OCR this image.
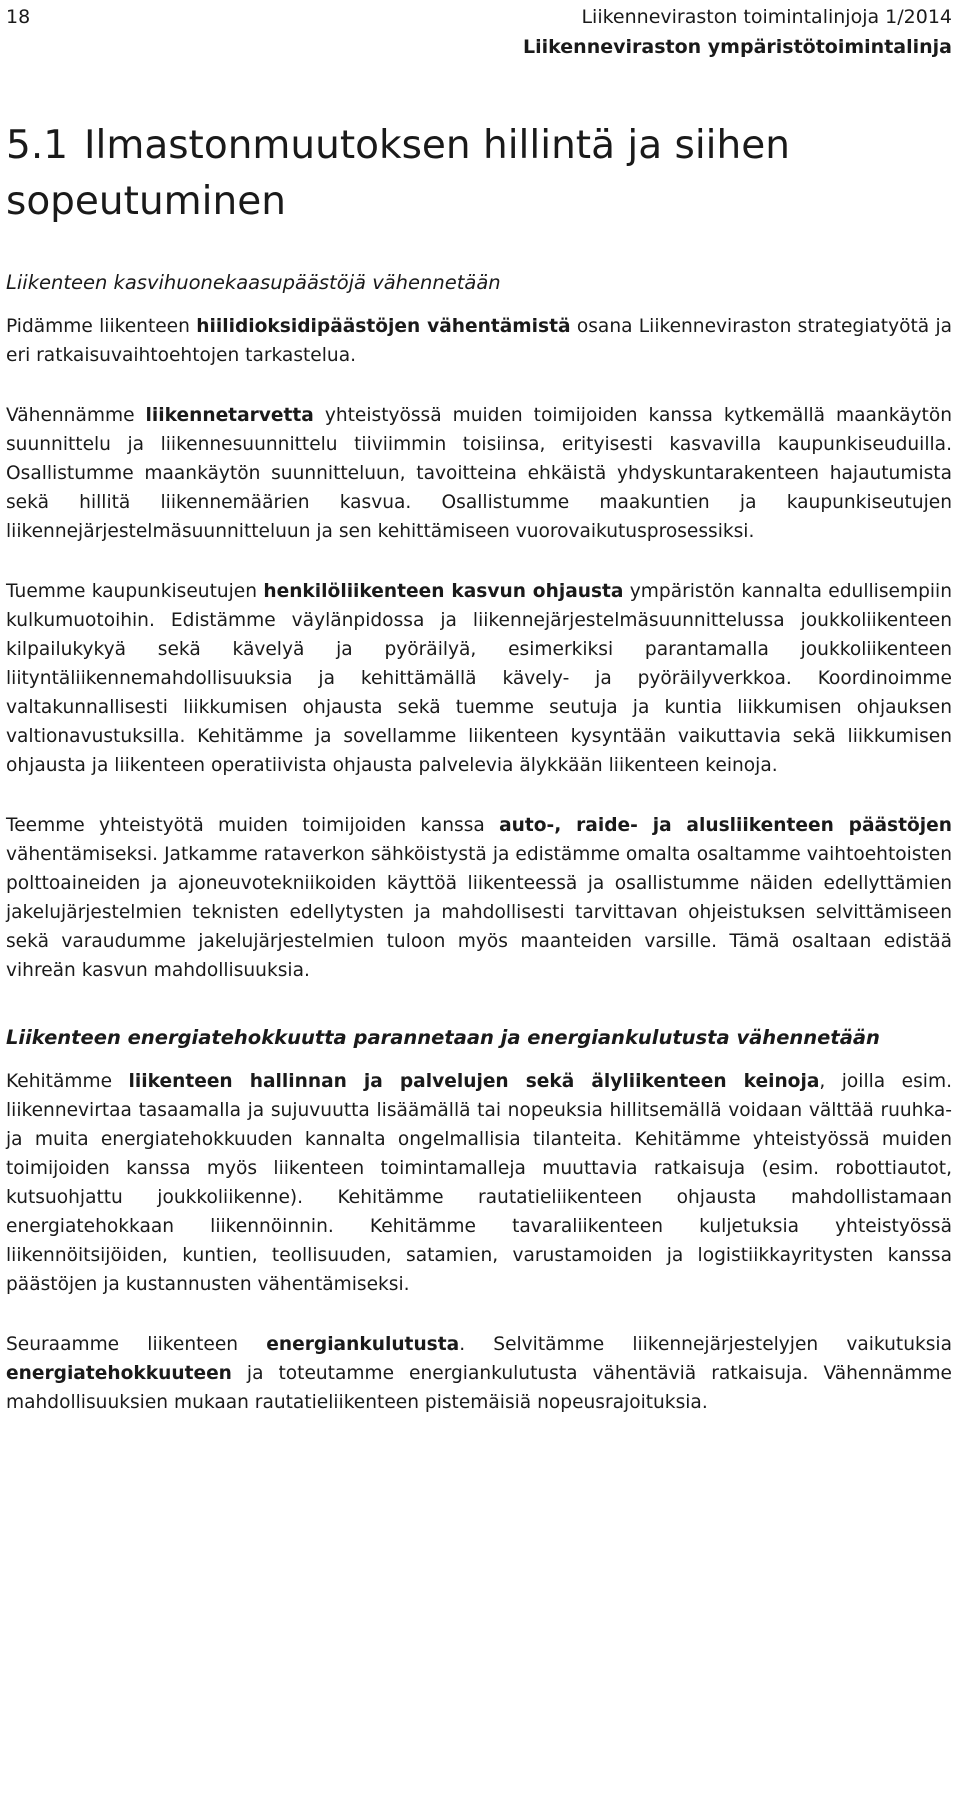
18	Liikenneviraston toimintalinjoja 1/2014
Liikenneviraston ympäristötoimintalinja
5.1 Ilmastonmuutoksen hillintä ja siihen
sopeutuminen
Liikenteen kasvihuonekaasupäästöjä vähennetään

Pidämme liikenteen hiilidioksidipäästöjen vähentämistä osana Liikenneviraston strategiatyötä ja eri ratkaisuvaihtoehtojen tarkastelua.

Vähennämme liikennetarvetta yhteistyössä muiden toimijoiden kanssa kytkemällä maankäytön suunnittelu ja liikennesuunnittelu tiiviimmin toisiinsa, erityisesti kasvavilla kaupunkiseuduilla. Osallistumme maankäytön suunnitteluun, tavoitteina ehkäistä yhdyskuntarakenteen hajautumista sekä hillitä liikennemäärien kasvua. Osallistumme maakuntien ja kaupunkiseutujen liikennejärjestelmäsuunnitteluun ja sen kehittämiseen vuorovaikutusprosessiksi.

Tuemme kaupunkiseutujen henkilöliikenteen kasvun ohjausta ympäristön kannalta edullisempiin kulkumuotoihin. Edistämme väylänpidossa ja liikennejärjestelmäsuunnittelussa joukkoliikenteen kilpailukykyä sekä kävelyä ja pyöräilyä, esimerkiksi parantamalla joukkoliikenteen liityntäliikennemahdollisuuksia ja kehittämällä kävely- ja pyöräilyverkkoa. Koordinoimme valtakunnallisesti liikkumisen ohjausta sekä tuemme seutuja ja kuntia liikkumisen ohjauksen valtionavustuksilla. Kehitämme ja sovellamme liikenteen kysyntään vaikuttavia sekä liikkumisen ohjausta ja liikenteen operatiivista ohjausta palvelevia älykkään liikenteen keinoja.

Teemme yhteistyötä muiden toimijoiden kanssa auto-, raide- ja alusliikenteen päästöjen vähentämiseksi. Jatkamme rataverkon sähköistystä ja edistämme omalta osaltamme vaihtoehtoisten polttoaineiden ja ajoneuvotekniikoiden käyttöä liikenteessä ja osallistumme näiden edellyttämien jakelujärjestelmien teknisten edellytysten ja mahdollisesti tarvittavan ohjeistuksen selvittämiseen sekä varaudumme jakelujärjestelmien tuloon myös maanteiden varsille. Tämä osaltaan edistää vihreän kasvun mahdollisuuksia.

Liikenteen energiatehokkuutta parannetaan ja energiankulutusta vähennetään

Kehitämme liikenteen hallinnan ja palvelujen sekä älyliikenteen keinoja, joilla esim. liikennevirtaa tasaamalla ja sujuvuutta lisäämällä tai nopeuksia hillitsemällä voidaan välttää ruuhka- ja muita energiatehokkuuden kannalta ongelmallisia tilanteita. Kehitämme yhteistyössä muiden toimijoiden kanssa myös liikenteen toimintamalleja muuttavia ratkaisuja (esim. robottiautot, kutsuohjattu joukkoliikenne). Kehitämme rautatieliikenteen ohjausta mahdollistamaan energiatehokkaan liikennöinnin. Kehitämme tavaraliikenteen kuljetuksia yhteistyössä liikennöitsijöiden, kuntien, teollisuuden, satamien, varustamoiden ja logistiikkayritysten kanssa päästöjen ja kustannusten vähentämiseksi.

Seuraamme liikenteen energiankulutusta. Selvitämme liikennejärjestelyjen vaikutuksia energiatehokkuuteen ja toteutamme energiankulutusta vähentäviä ratkaisuja. Vähennämme mahdollisuuksien mukaan rautatieliikenteen pistemäisiä nopeusrajoituksia.
